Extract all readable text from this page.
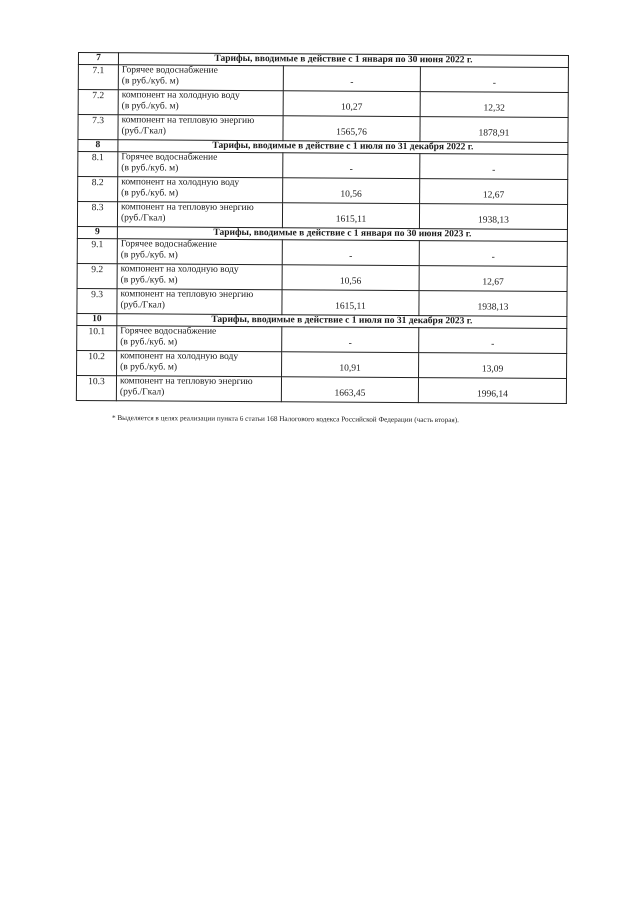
7	Тарифы, вводимые в действие с 1 января по 30 июня 2022 г.		
7.1	Горячее водоснабжение
(в руб./куб. м)	-	-
7.2	компонент на холодную воду
(в руб./куб. м)	10,27	12,32
7.3	компонент на тепловую энергию
(руб./Гкал)	1565,76	1878,91
8	Тарифы, вводимые в действие с 1 июля по 31 декабря 2022 г.		
8.1	Горячее водоснабжение
(в руб./куб. м)	-	-
8.2	компонент на холодную воду
(в руб./куб. м)	10,56	12,67
8.3	компонент на тепловую энергию
(руб./Гкал)	1615,11	1938,13
9	Тарифы, вводимые в действие с 1 января по 30 июня 2023 г.		
9.1	Горячее водоснабжение
(в руб./куб. м)	-	-
9.2	компонент на холодную воду
(в руб./куб. м)	10,56	12,67
9.3	компонент на тепловую энергию
(руб./Гкал)	1615,11	1938,13
10	Тарифы, вводимые в действие с 1 июля по 31 декабря 2023 г.		
10.1	Горячее водоснабжение
(в руб./куб. м)	-	-
10.2	компонент на холодную воду
(в руб./куб. м)	10,91	13,09
10.3	компонент на тепловую энергию
(руб./Гкал)	1663,45	1996,14
* Выделяется в целях реализации пункта 6 статьи 168 Налогового кодекса Российской Федерации (часть вторая).
